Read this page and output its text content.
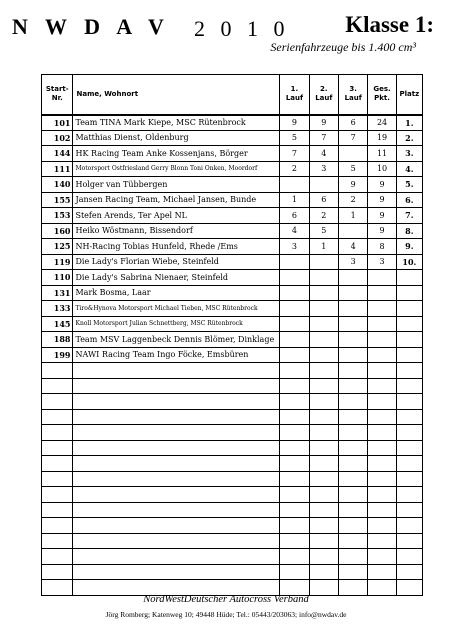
N W D A V 2 0 1 0 Klasse 1:
Serienfahrzeuge bis 1.400 cm³
Start-Nr.	Name, Wohnort	1. Lauf	2. Lauf	3. Lauf	Ges. Pkt.	Platz
101	Team TINA Mark Kiepe, MSC Rütenbrock	9	9	6	24	1.
102	Matthias Dienst, Oldenburg	5	7	7	19	2.
144	HK Racing Team Anke Kossenjans, Börger	7	4		11	3.
111	Motorsport Ostfriesland Gerry Blonn Toni Onken, Moordorf	2	3	5	10	4.
140	Holger van Tübbergen			9	9	5.
155	Jansen Racing Team, Michael Jansen, Bunde	1	6	2	9	6.
153	Stefen Arends, Ter Apel NL	6	2	1	9	7.
160	Heiko Wöstmann, Bissendorf	4	5		9	8.
125	NH-Racing Tobias Hunfeld, Rhede /Ems	3	1	4	8	9.
119	Die Lady's Florian Wiebe, Steinfeld			3	3	10.
110	Die Lady's Sabrina Nienaer, Steinfeld					
131	Mark Bosma, Laar					
133	Tiro&Hynova Motorsport Michael Tieben, MSC Rütenbrock					
145	Knoll Motorsport Julian Schnettberg, MSC Rütenbrock					
188	Team MSV Laggenbeck Dennis Blömer, Dinklage					
199	NAWI Racing Team Ingo Föcke, Emsbüren					

NordWestDeutscher Autocross Verband
Jörg Romberg; Katenweg 10; 49448 Hüde; Tel.: 05443/203063; info@nwdav.de
